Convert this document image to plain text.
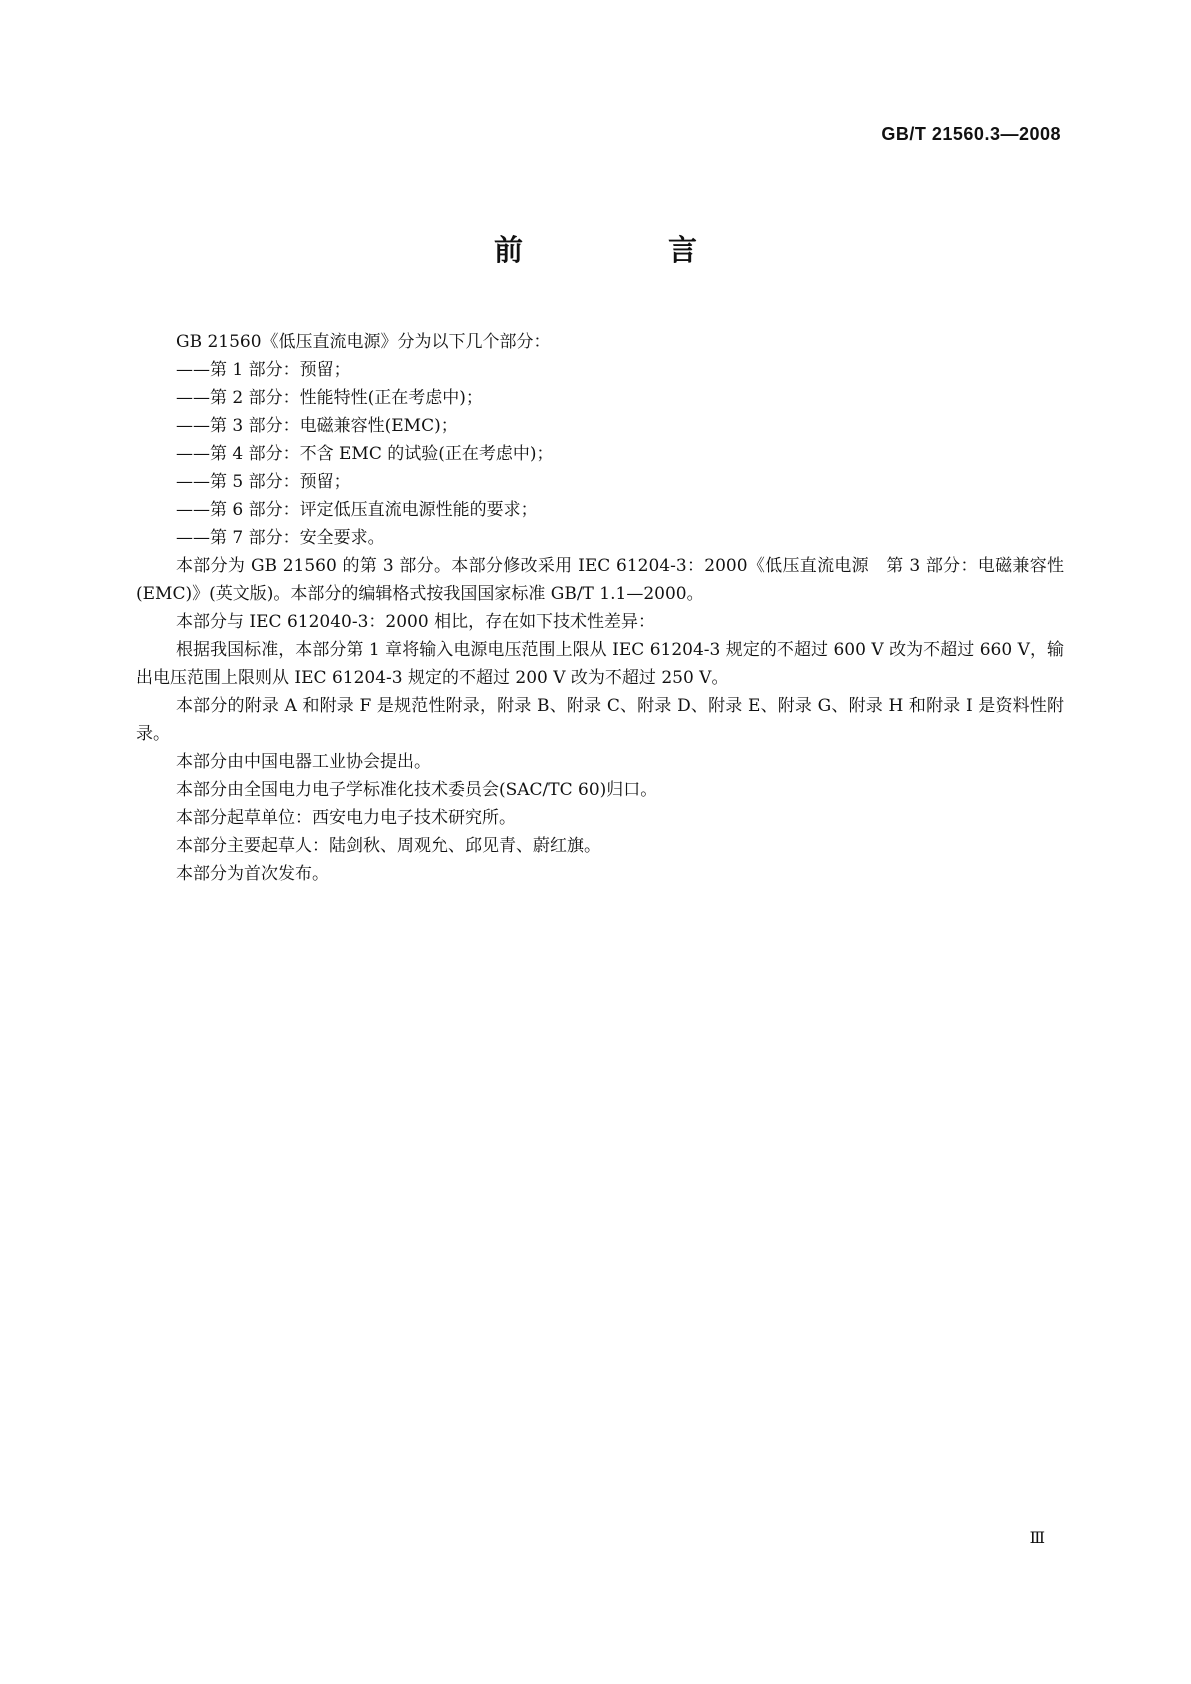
GB/T 21560.3—2008
前　言

GB 21560《低压直流电源》分为以下几个部分：

——第 1 部分：预留；

——第 2 部分：性能特性(正在考虑中)；

——第 3 部分：电磁兼容性(EMC)；

——第 4 部分：不含 EMC 的试验(正在考虑中)；

——第 5 部分：预留；

——第 6 部分：评定低压直流电源性能的要求；

——第 7 部分：安全要求。

本部分为 GB 21560 的第 3 部分。本部分修改采用 IEC 61204-3：2000《低压直流电源　第 3 部分：电磁兼容性(EMC)》(英文版)。本部分的编辑格式按我国国家标准 GB/T 1.1—2000。

本部分与 IEC 612040-3：2000 相比，存在如下技术性差异：

根据我国标准，本部分第 1 章将输入电源电压范围上限从 IEC 61204-3 规定的不超过 600 V 改为不超过 660 V，输出电压范围上限则从 IEC 61204-3 规定的不超过 200 V 改为不超过 250 V。

本部分的附录 A 和附录 F 是规范性附录，附录 B、附录 C、附录 D、附录 E、附录 G、附录 H 和附录 I 是资料性附录。

本部分由中国电器工业协会提出。

本部分由全国电力电子学标准化技术委员会(SAC/TC 60)归口。

本部分起草单位：西安电力电子技术研究所。

本部分主要起草人：陆剑秋、周观允、邱见青、蔚红旗。

本部分为首次发布。

Ⅲ
